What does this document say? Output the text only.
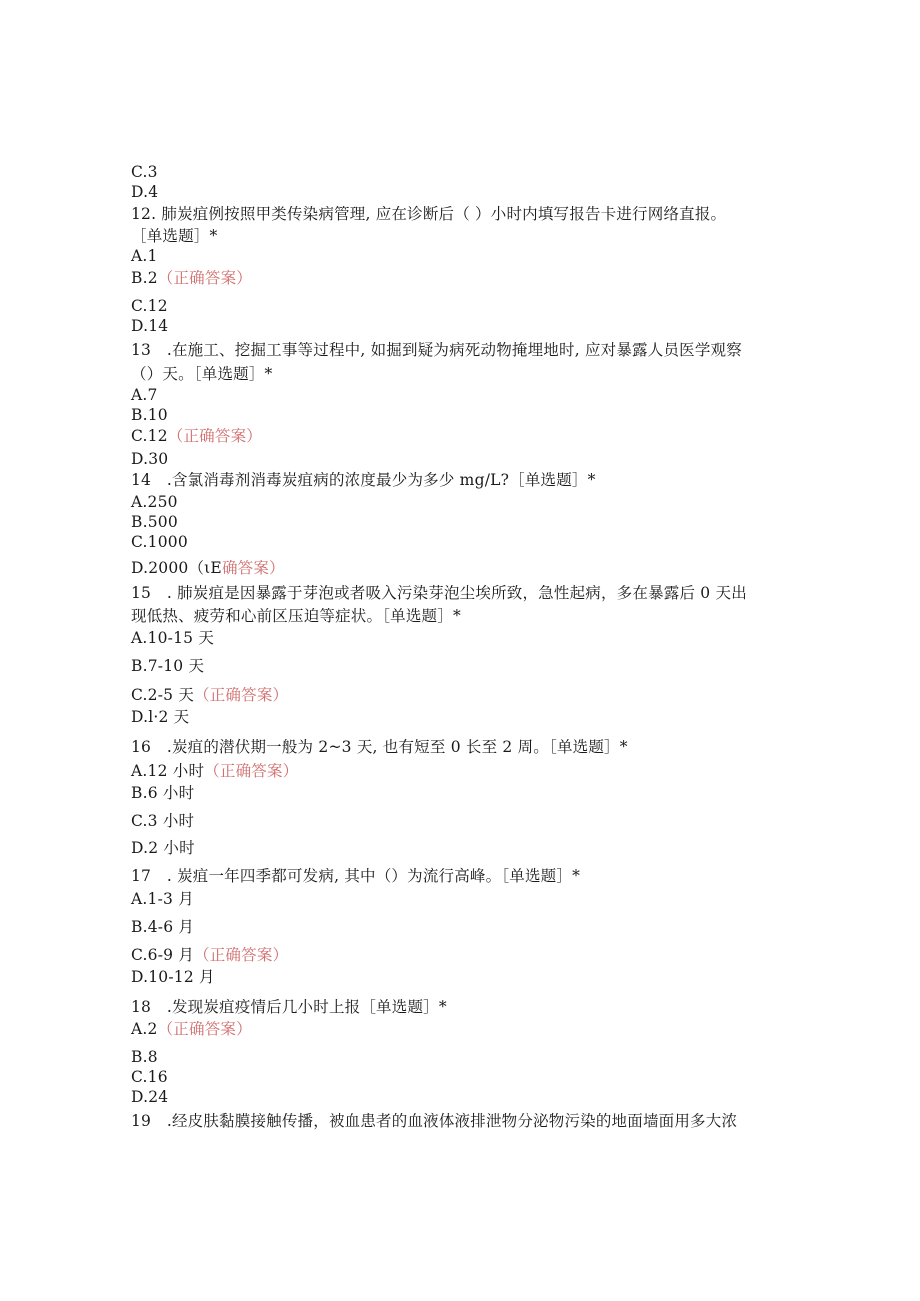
C.3
D.4
12. 肺炭疽例按照甲类传染病管理, 应在诊断后（ ）小时内填写报告卡进行网络直报。
［单选题］*
A.1
B.2（正确答案）
C.12
D.14
13　.在施工、挖掘工事等过程中, 如掘到疑为病死动物掩埋地时, 应对暴露人员医学观察
（）天。［单选题］*
A.7
B.10
C.12（正确答案）
D.30
14　.含氯消毒剂消毒炭疽病的浓度最少为多少 mg/L?［单选题］*
A.250
B.500
C.1000
D.2000（ιE确答案）
15　. 肺炭疽是因暴露于芽泡或者吸入污染芽泡尘埃所致，急性起病，多在暴露后 0 天出
现低热、疲劳和心前区压迫等症状。［单选题］*
A.10-15 天
B.7-10 天
C.2-5 天（正确答案）
D.l·2 天
16　.炭疽的潜伏期一般为 2~3 天, 也有短至 0 长至 2 周。［单选题］*
A.12 小时（正确答案）
B.6 小时
C.3 小时
D.2 小时
17　. 炭疽一年四季都可发病, 其中（）为流行高峰。［单选题］*
A.1-3 月
B.4-6 月
C.6-9 月（正确答案）
D.10-12 月
18　.发现炭疽疫情后几小时上报［单选题］*
A.2（正确答案）
B.8
C.16
D.24
19　.经皮肤黏膜接触传播，被血患者的血液体液排泄物分泌物污染的地面墙面用多大浓
